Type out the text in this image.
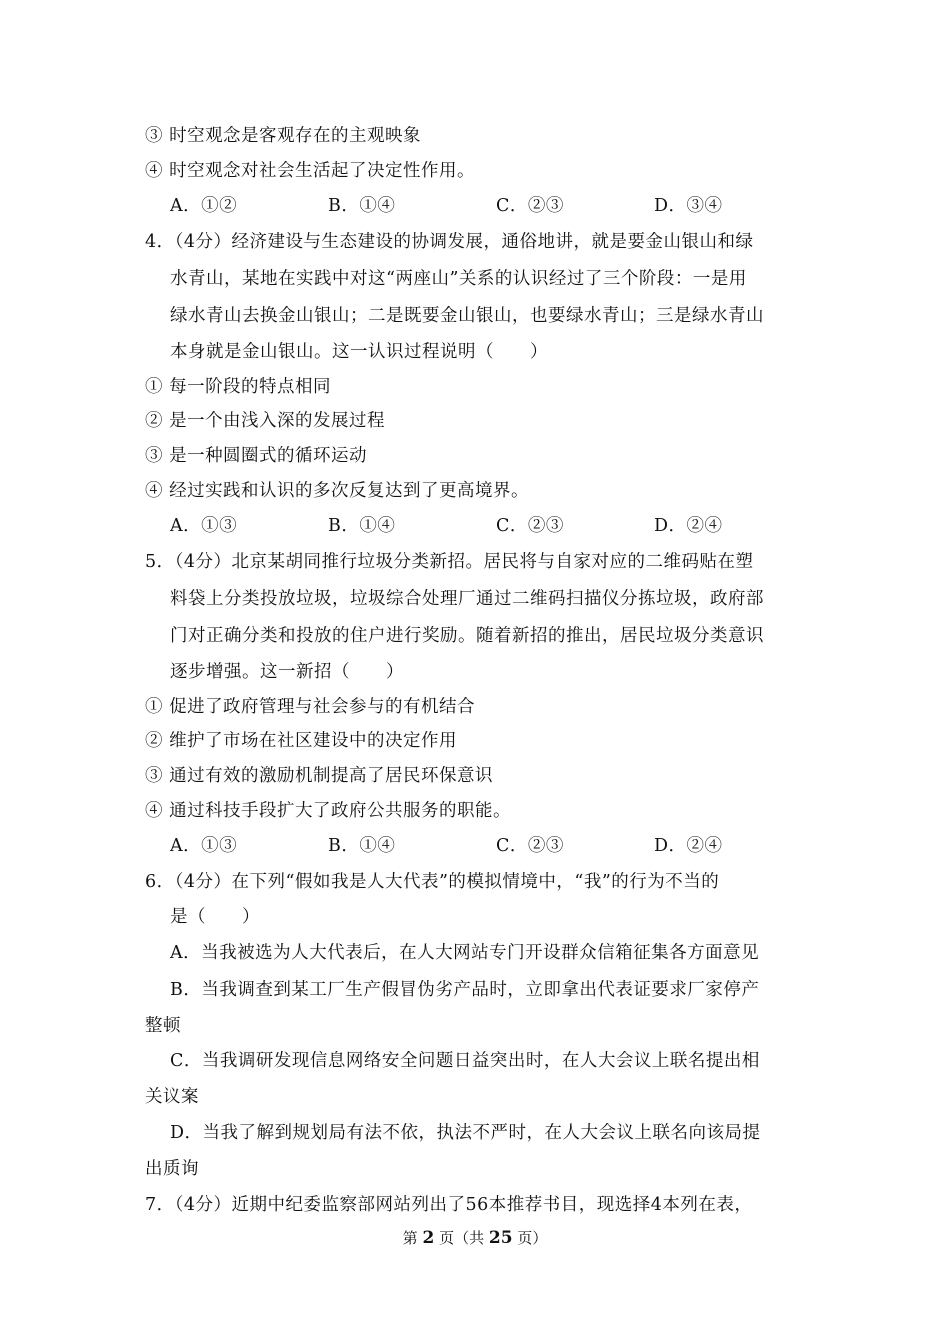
③ 时空观念是客观存在的主观映象
④ 时空观念对社会生活起了决定性作用。
A．①②	B．①④	C．②③	D．③④
4．（4分）经济建设与生态建设的协调发展，通俗地讲，就是要金山银山和绿
水青山，某地在实践中对这“两座山”关系的认识经过了三个阶段：一是用
绿水青山去换金山银山；二是既要金山银山，也要绿水青山；三是绿水青山
本身就是金山银山。这一认识过程说明（　　）
① 每一阶段的特点相同
② 是一个由浅入深的发展过程
③ 是一种圆圈式的循环运动
④ 经过实践和认识的多次反复达到了更高境界。
A．①③	B．①④	C．②③	D．②④
5．（4分）北京某胡同推行垃圾分类新招。居民将与自家对应的二维码贴在塑
料袋上分类投放垃圾，垃圾综合处理厂通过二维码扫描仪分拣垃圾，政府部
门对正确分类和投放的住户进行奖励。随着新招的推出，居民垃圾分类意识
逐步增强。这一新招（　　）
① 促进了政府管理与社会参与的有机结合
② 维护了市场在社区建设中的决定作用
③ 通过有效的激励机制提高了居民环保意识
④ 通过科技手段扩大了政府公共服务的职能。
A．①③	B．①④	C．②③	D．②④
6．（4分）在下列“假如我是人大代表”的模拟情境中，“我”的行为不当的
是（　　）
A．当我被选为人大代表后，在人大网站专门开设群众信箱征集各方面意见
B．当我调查到某工厂生产假冒伪劣产品时，立即拿出代表证要求厂家停产
整顿
C．当我调研发现信息网络安全问题日益突出时，在人大会议上联名提出相
关议案
D．当我了解到规划局有法不依，执法不严时，在人大会议上联名向该局提
出质询
7．（4分）近期中纪委监察部网站列出了56本推荐书目，现选择4本列在表，
第 2 页（共 25 页）
